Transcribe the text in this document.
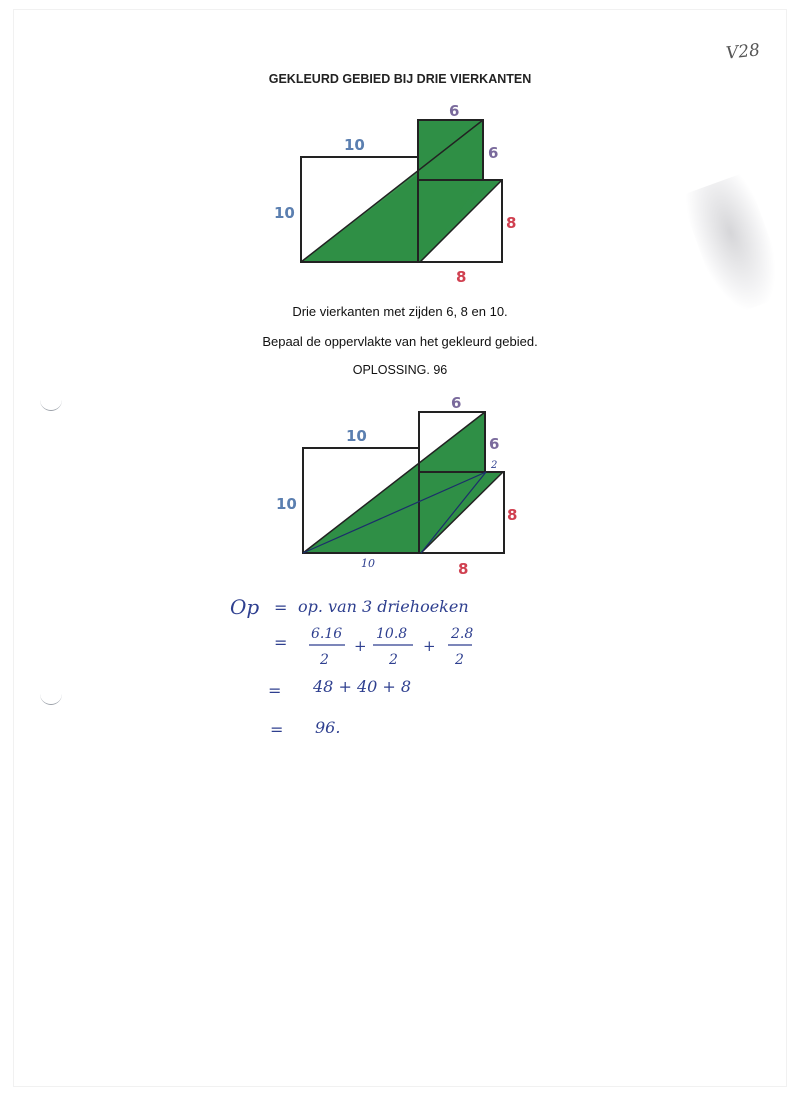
V28
GEKLEURD GEBIED BIJ DRIE VIERKANTEN
6
6
10
10
8
8
Drie vierkanten met zijden 6, 8 en 10.
Bepaal de oppervlakte van het gekleurd gebied.
OPLOSSING. 96
6
6
10
10
8
8
2
10
Op = op. van 3 driehoeken
= 6.16
2
+
10.8
2
+
2.8
2
= 48 + 40 + 8
= 96.
